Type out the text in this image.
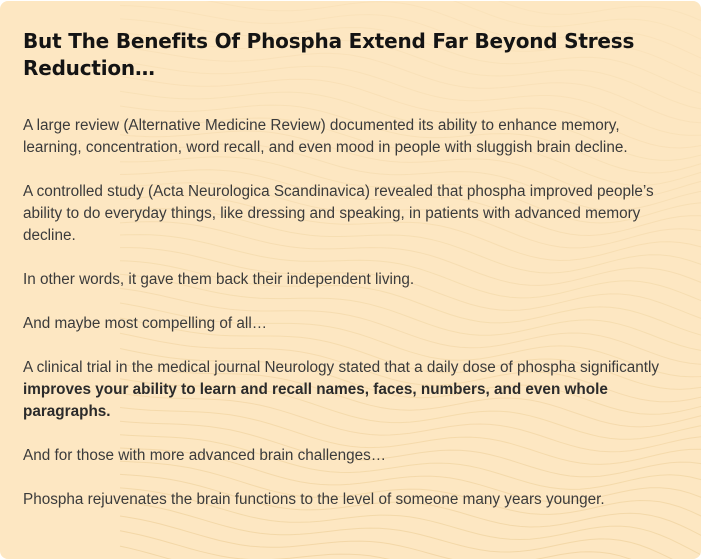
But The Benefits Of Phospha Extend Far Beyond Stress Reduction…

A large review (Alternative Medicine Review) documented its ability to enhance memory, learning, concentration, word recall, and even mood in people with sluggish brain decline.

A controlled study (Acta Neurologica Scandinavica) revealed that phospha improved people’s ability to do everyday things, like dressing and speaking, in patients with advanced memory decline.

In other words, it gave them back their independent living.

And maybe most compelling of all…

A clinical trial in the medical journal Neurology stated that a daily dose of phospha significantly improves your ability to learn and recall names, faces, numbers, and even whole paragraphs.

And for those with more advanced brain challenges…

Phospha rejuvenates the brain functions to the level of someone many years younger.
